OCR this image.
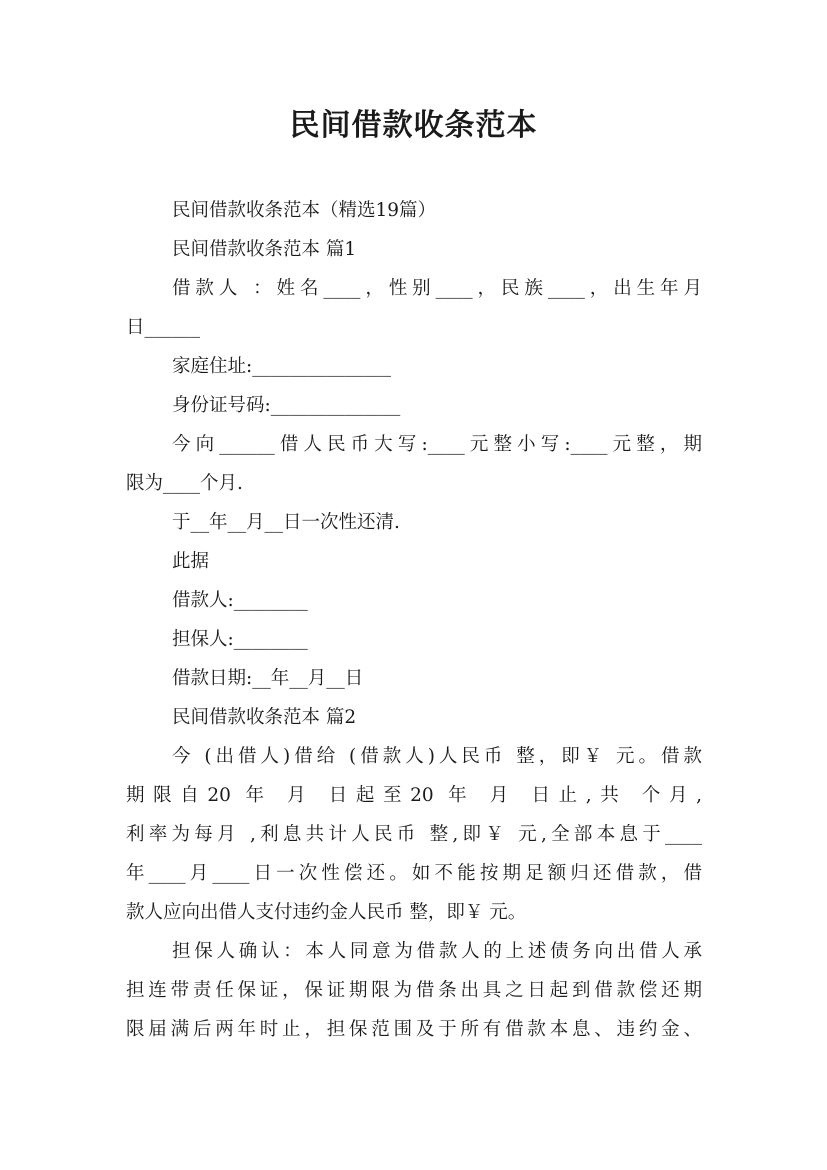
民间借款收条范本
民间借款收条范本（精选19篇）
民间借款收条范本 篇1
借款人 ：姓名____，性别____，民族____，出生年月
日______
家庭住址:_______________
身份证号码:______________
今向______借人民币大写:____元整小写:____元整，期
限为____个月.
于__年__月__日一次性还清.
此据
借款人:________
担保人:________
借款日期:__年__月__日
民间借款收条范本 篇2
今 (出借人)借给 (借款人)人民币 整，即￥ 元。借款
期限自20 年 月 日起至20 年 月 日止,共 个月,
利率为每月 ,利息共计人民币 整,即￥ 元,全部本息于____
年____月____日一次性偿还。如不能按期足额归还借款，借
款人应向出借人支付违约金人民币 整，即￥ 元。
担保人确认：本人同意为借款人的上述债务向出借人承
担连带责任保证，保证期限为借条出具之日起到借款偿还期
限届满后两年时止，担保范围及于所有借款本息、违约金、
